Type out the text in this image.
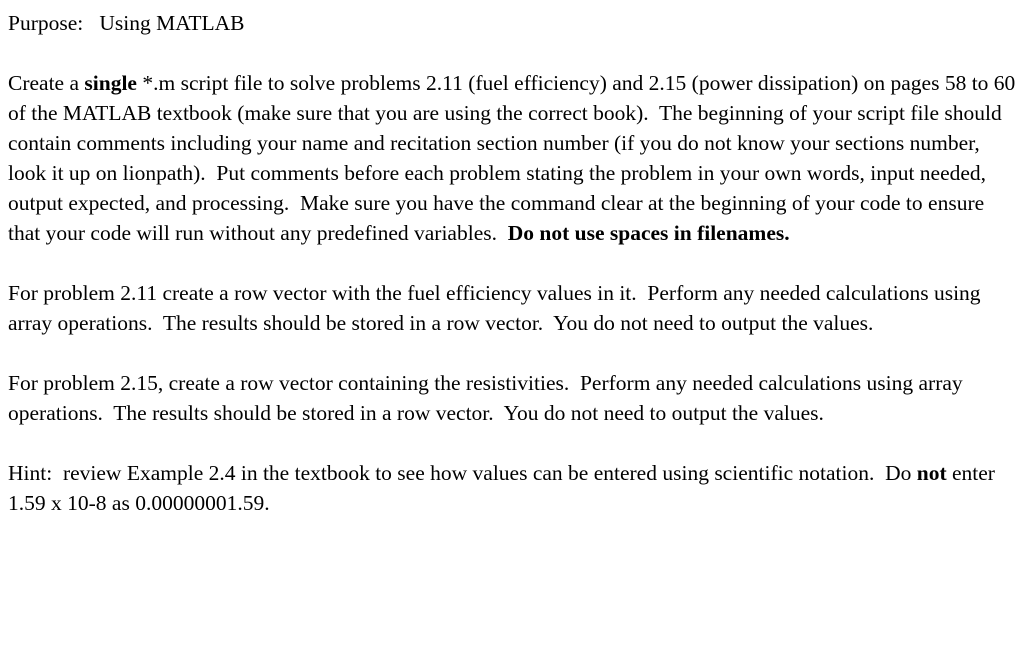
Purpose: Using MATLAB

Create a single *.m script file to solve problems 2.11 (fuel efficiency) and 2.15 (power dissipation) on pages 58 to 60 of the MATLAB textbook (make sure that you are using the correct book).  The beginning of your script file should contain comments including your name and recitation section number (if you do not know your sections number, look it up on lionpath).  Put comments before each problem stating the problem in your own words, input needed, output expected, and processing.  Make sure you have the command clear at the beginning of your code to ensure that your code will run without any predefined variables.  Do not use spaces in filenames.

For problem 2.11 create a row vector with the fuel efficiency values in it.  Perform any needed calculations using array operations.  The results should be stored in a row vector.  You do not need to output the values.

For problem 2.15, create a row vector containing the resistivities.  Perform any needed calculations using array operations.  The results should be stored in a row vector.  You do not need to output the values.

Hint:  review Example 2.4 in the textbook to see how values can be entered using scientific notation.  Do not enter 1.59 x 10-8 as 0.00000001.59.
